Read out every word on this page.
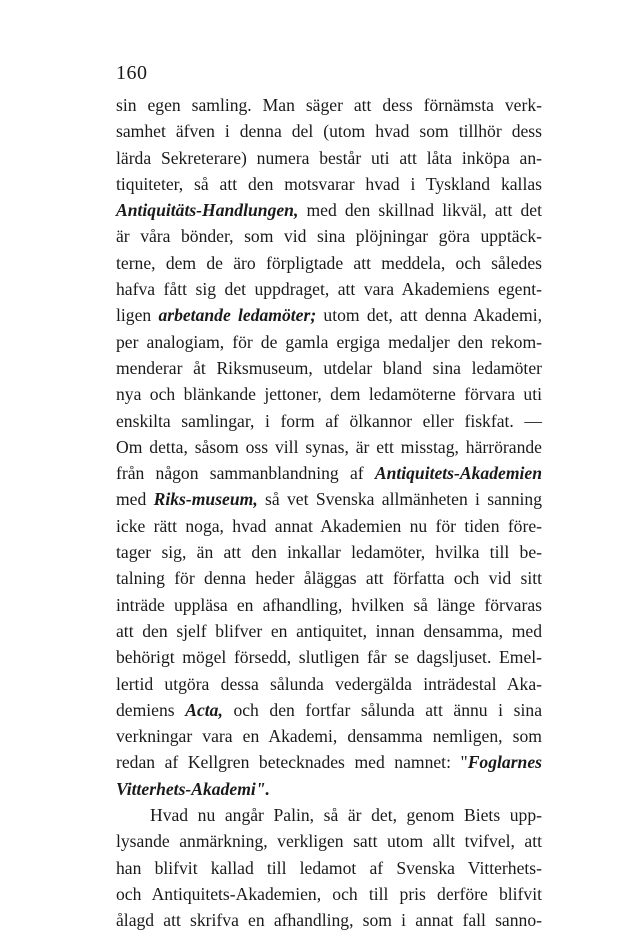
160
sin egen samling. Man säger att dess förnämsta verk-
samhet äfven i denna del (utom hvad som tillhör dess
lärda Sekreterare) numera består uti att låta inköpa an-
tiquiteter, så att den motsvarar hvad i Tyskland kallas
Antiquitäts-Handlungen, med den skillnad likväl, att det
är våra bönder, som vid sina plöjningar göra upptäck-
terne, dem de äro förpligtade att meddela, och således
hafva fått sig det uppdraget, att vara Akademiens egent-
ligen arbetande ledamöter; utom det, att denna Akademi,
per analogiam, för de gamla ergiga medaljer den rekom-
menderar åt Riksmuseum, utdelar bland sina ledamöter
nya och blänkande jettoner, dem ledamöterne förvara uti
enskilta samlingar, i form af ölkannor eller fiskfat. —
Om detta, såsom oss vill synas, är ett misstag, härrörande
från någon sammanblandning af Antiquitets-Akademien
med Riks-museum, så vet Svenska allmänheten i sanning
icke rätt noga, hvad annat Akademien nu för tiden före-
tager sig, än att den inkallar ledamöter, hvilka till be-
talning för denna heder åläggas att författa och vid sitt
inträde uppläsa en afhandling, hvilken så länge förvaras
att den sjelf blifver en antiquitet, innan densamma, med
behörigt mögel försedd, slutligen får se dagsljuset. Emel-
lertid utgöra dessa sålunda vedergälda inträdestal Aka-
demiens Acta, och den fortfar sålunda att ännu i sina
verkningar vara en Akademi, densamma nemligen, som
redan af Kellgren betecknades med namnet: "Foglarnes
Vitterhets-Akademi".
Hvad nu angår Palin, så är det, genom Biets upp-
lysande anmärkning, verkligen satt utom allt tvifvel, att
han blifvit kallad till ledamot af Svenska Vitterhets-
och Antiquitets-Akademien, och till pris derföre blifvit
ålagd att skrifva en afhandling, som i annat fall sanno-
